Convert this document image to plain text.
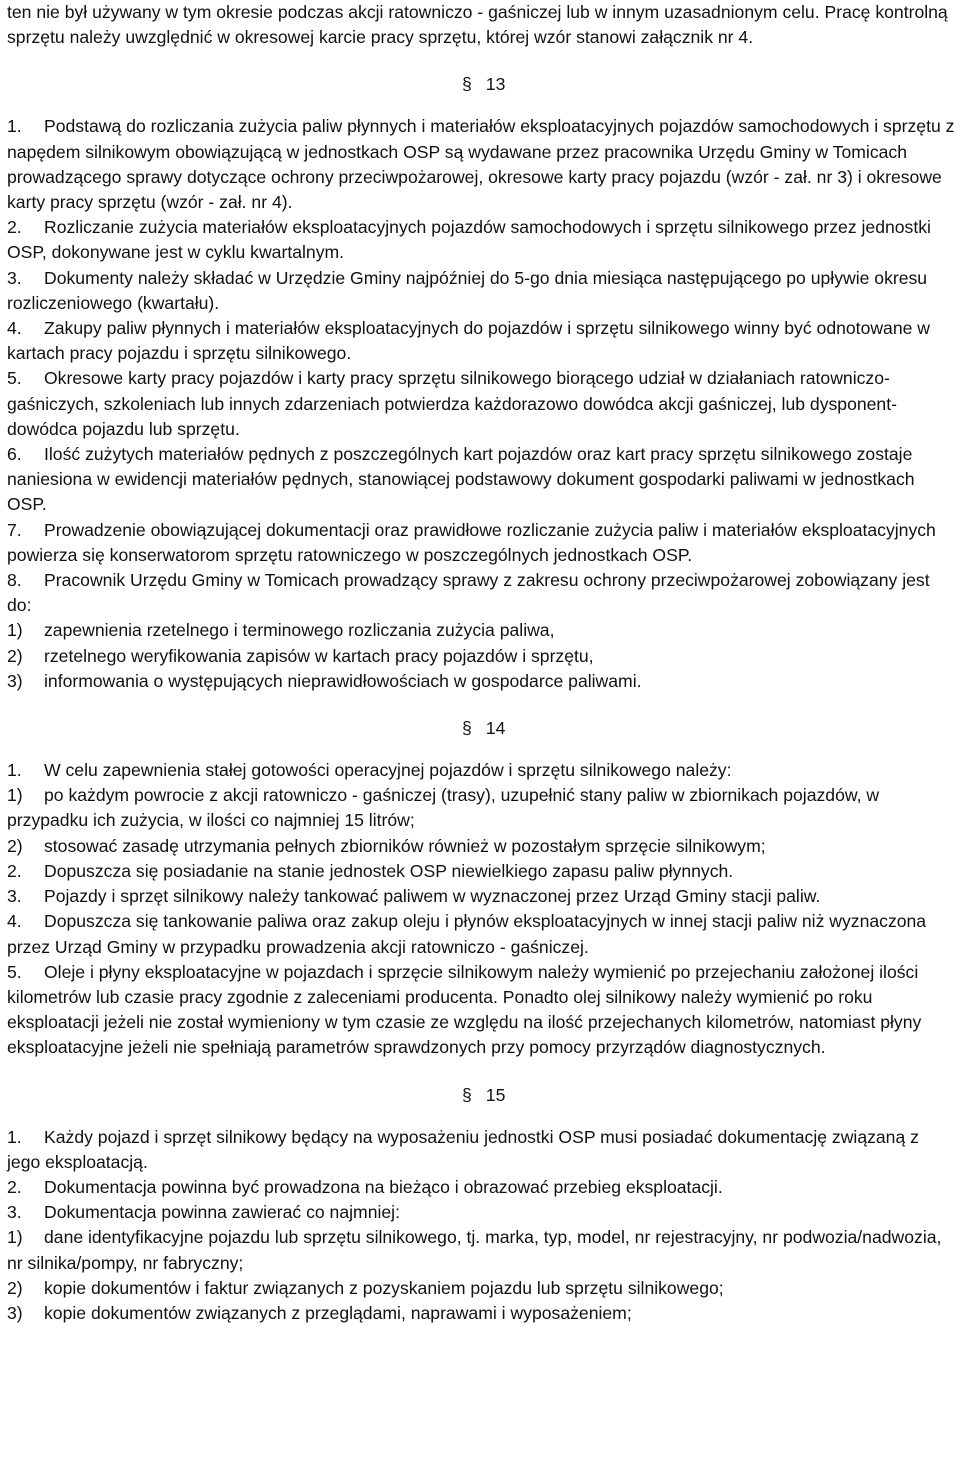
ten nie był używany w tym okresie podczas akcji ratowniczo - gaśniczej lub w innym uzasadnionym celu. Pracę kontrolną sprzętu należy uwzględnić w okresowej karcie pracy sprzętu, której wzór stanowi załącznik nr 4.

§ 13

1. Podstawą do rozliczania zużycia paliw płynnych i materiałów eksploatacyjnych pojazdów samochodowych i sprzętu z napędem silnikowym obowiązującą w jednostkach OSP są wydawane przez pracownika Urzędu Gminy w Tomicach prowadzącego sprawy dotyczące ochrony przeciwpożarowej, okresowe karty pracy pojazdu (wzór - zał. nr 3) i okresowe karty pracy sprzętu (wzór - zał. nr 4).

2. Rozliczanie zużycia materiałów eksploatacyjnych pojazdów samochodowych i sprzętu silnikowego przez jednostki OSP, dokonywane jest w cyklu kwartalnym.

3. Dokumenty należy składać w Urzędzie Gminy najpóźniej do 5-go dnia miesiąca następującego po upływie okresu rozliczeniowego (kwartału).

4. Zakupy paliw płynnych i materiałów eksploatacyjnych do pojazdów i sprzętu silnikowego winny być odnotowane w kartach pracy pojazdu i sprzętu silnikowego.

5. Okresowe karty pracy pojazdów i karty pracy sprzętu silnikowego biorącego udział w działaniach ratowniczo-gaśniczych, szkoleniach lub innych zdarzeniach potwierdza każdorazowo dowódca akcji gaśniczej, lub dysponent-dowódca pojazdu lub sprzętu.

6. Ilość zużytych materiałów pędnych z poszczególnych kart pojazdów oraz kart pracy sprzętu silnikowego zostaje naniesiona w ewidencji materiałów pędnych, stanowiącej podstawowy dokument gospodarki paliwami w jednostkach OSP.

7. Prowadzenie obowiązującej dokumentacji oraz prawidłowe rozliczanie zużycia paliw i materiałów eksploatacyjnych powierza się konserwatorom sprzętu ratowniczego w poszczególnych jednostkach OSP.

8. Pracownik Urzędu Gminy w Tomicach prowadzący sprawy z zakresu ochrony przeciwpożarowej zobowiązany jest do:

1) zapewnienia rzetelnego i terminowego rozliczania zużycia paliwa,

2) rzetelnego weryfikowania zapisów w kartach pracy pojazdów i sprzętu,

3) informowania o występujących nieprawidłowościach w gospodarce paliwami.

§ 14

1. W celu zapewnienia stałej gotowości operacyjnej pojazdów i sprzętu silnikowego należy:

1) po każdym powrocie z akcji ratowniczo - gaśniczej (trasy), uzupełnić stany paliw w zbiornikach pojazdów, w przypadku ich zużycia, w ilości co najmniej 15 litrów;

2) stosować zasadę utrzymania pełnych zbiorników również w pozostałym sprzęcie silnikowym;

2. Dopuszcza się posiadanie na stanie jednostek OSP niewielkiego zapasu paliw płynnych.

3. Pojazdy i sprzęt silnikowy należy tankować paliwem w wyznaczonej przez Urząd Gminy stacji paliw.

4. Dopuszcza się tankowanie paliwa oraz zakup oleju i płynów eksploatacyjnych w innej stacji paliw niż wyznaczona przez Urząd Gminy w przypadku prowadzenia akcji ratowniczo - gaśniczej.

5. Oleje i płyny eksploatacyjne w pojazdach i sprzęcie silnikowym należy wymienić po przejechaniu założonej ilości kilometrów lub czasie pracy zgodnie z zaleceniami producenta. Ponadto olej silnikowy należy wymienić po roku eksploatacji jeżeli nie został wymieniony w tym czasie ze względu na ilość przejechanych kilometrów, natomiast płyny eksploatacyjne jeżeli nie spełniają parametrów sprawdzonych przy pomocy przyrządów diagnostycznych.

§ 15

1. Każdy pojazd i sprzęt silnikowy będący na wyposażeniu jednostki OSP musi posiadać dokumentację związaną z jego eksploatacją.

2. Dokumentacja powinna być prowadzona na bieżąco i obrazować przebieg eksploatacji.

3. Dokumentacja powinna zawierać co najmniej:

1) dane identyfikacyjne pojazdu lub sprzętu silnikowego, tj. marka, typ, model, nr rejestracyjny, nr podwozia/nadwozia, nr silnika/pompy, nr fabryczny;

2) kopie dokumentów i faktur związanych z pozyskaniem pojazdu lub sprzętu silnikowego;

3) kopie dokumentów związanych z przeglądami, naprawami i wyposażeniem;
